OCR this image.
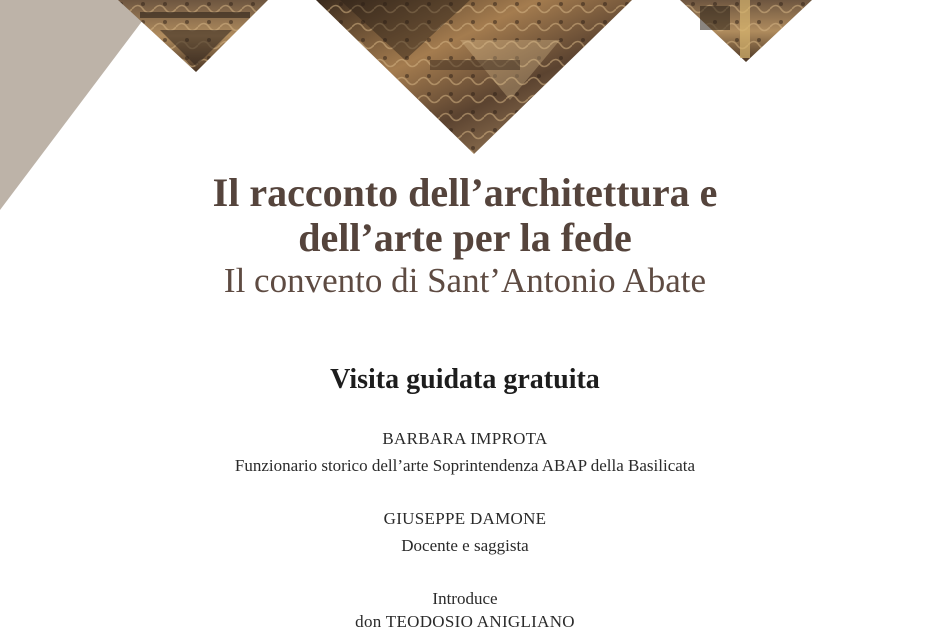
Il racconto dell’architettura e

dell’arte per la fede

Il convento di Sant’Antonio Abate

Visita guidata gratuita
BARBARA IMPROTA
Funzionario storico dell’arte Soprintendenza ABAP della Basilicata
GIUSEPPE DAMONE
Docente e saggista
Introduce
don TEODOSIO ANIGLIANO
